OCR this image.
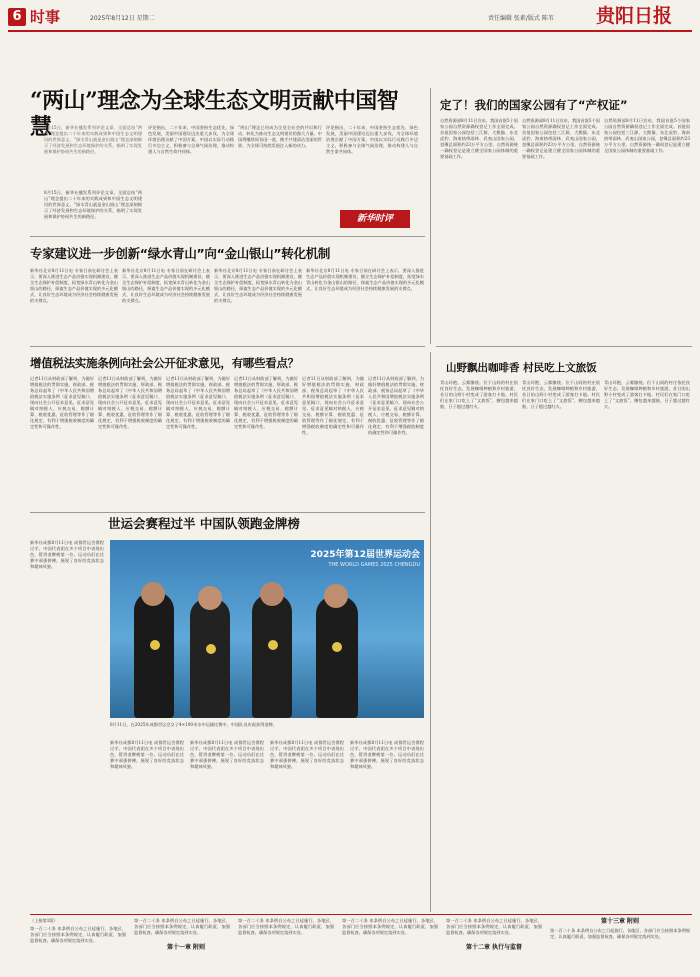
6 时事	2025年8月12日 星期二	责任编辑 张素/版式 陈苇 贵阳日报
“两山”理念为全球生态文明贡献中国智慧
8月15日，新华社播发系列评论文章，全面总结“两山”理念提出二十年来的实践成果和中国生态文明建设的世界意义。“绿水青山就是金山银山”理念深刻揭示了经济发展和生态环境保护的关系，指明了实现发展和保护协同共生的新路径。
评论指出，二十年来，中国坚持生态优先、绿色发展，美丽中国建设迈出重大步伐，为全球环境治理贡献了中国方案。中国以实际行动践行多边主义，积极参与全球气候治理，推动构建人与自然生命共同体。
“两山”理念已经成为全党全社会的共识和行动，转化为推动生态文明建设的强大力量。中国将继续同各国一道，携手共建清洁美丽的世界，为全球可持续发展注入新的动力。
评论指出，二十年来，中国坚持生态优先、绿色发展，美丽中国建设迈出重大步伐，为全球环境治理贡献了中国方案。中国以实际行动践行多边主义，积极参与全球气候治理，推动构建人与自然生命共同体。
新华时评
8月15日，新华社播发系列评论文章，全面总结“两山”理念提出二十年来的实践成果和中国生态文明建设的世界意义。“绿水青山就是金山银山”理念深刻揭示了经济发展和生态环境保护的关系，指明了实现发展和保护协同共生的新路径。
专家建议进一步创新“绿水青山”向“金山银山”转化机制
新华社北京8月11日电 专家日前在研讨会上表示，要深入推进生态产品价值实现机制建设，健全生态保护补偿制度，拓宽绿水青山转化为金山银山的路径，探索生态产品价值实现的多元化模式，让良好生态环境成为经济社会持续健康发展的支撑点。
新华社北京8月11日电 专家日前在研讨会上表示，要深入推进生态产品价值实现机制建设，健全生态保护补偿制度，拓宽绿水青山转化为金山银山的路径，探索生态产品价值实现的多元化模式，让良好生态环境成为经济社会持续健康发展的支撑点。
新华社北京8月11日电 专家日前在研讨会上表示，要深入推进生态产品价值实现机制建设，健全生态保护补偿制度，拓宽绿水青山转化为金山银山的路径，探索生态产品价值实现的多元化模式，让良好生态环境成为经济社会持续健康发展的支撑点。
新华社北京8月11日电 专家日前在研讨会上表示，要深入推进生态产品价值实现机制建设，健全生态保护补偿制度，拓宽绿水青山转化为金山银山的路径，探索生态产品价值实现的多元化模式，让良好生态环境成为经济社会持续健康发展的支撑点。
定了！我们的国家公园有了“产权证”
自然资源部8月11日宣布，我国首批5个国家公园自然资源确权登记工作全面完成。首批国家公园包括三江源、大熊猫、东北虎豹、海南热带雨林、武夷山国家公园，登簿总面积约23万平方公里。自然资源统一确权登记是建立健全国家公园体制的重要基础工作。
自然资源部8月11日宣布，我国首批5个国家公园自然资源确权登记工作全面完成。首批国家公园包括三江源、大熊猫、东北虎豹、海南热带雨林、武夷山国家公园，登簿总面积约23万平方公里。自然资源统一确权登记是建立健全国家公园体制的重要基础工作。
自然资源部8月11日宣布，我国首批5个国家公园自然资源确权登记工作全面完成。首批国家公园包括三江源、大熊猫、东北虎豹、海南热带雨林、武夷山国家公园，登簿总面积约23万平方公里。自然资源统一确权登记是建立健全国家公园体制的重要基础工作。
增值税法实施条例向社会公开征求意见，有哪些看点？
记者11日从财政部了解到，为做好增值税法的贯彻实施，财政部、税务总局起草了《中华人民共和国增值税法实施条例（征求意见稿）》，现向社会公开征求意见。征求意见稿对纳税人、应税交易、税额计算、税收优惠、征收管理等作了细化规定，有利于增强税收制度的确定性和可操作性。
记者11日从财政部了解到，为做好增值税法的贯彻实施，财政部、税务总局起草了《中华人民共和国增值税法实施条例（征求意见稿）》，现向社会公开征求意见。征求意见稿对纳税人、应税交易、税额计算、税收优惠、征收管理等作了细化规定，有利于增强税收制度的确定性和可操作性。
记者11日从财政部了解到，为做好增值税法的贯彻实施，财政部、税务总局起草了《中华人民共和国增值税法实施条例（征求意见稿）》，现向社会公开征求意见。征求意见稿对纳税人、应税交易、税额计算、税收优惠、征收管理等作了细化规定，有利于增强税收制度的确定性和可操作性。
记者11日从财政部了解到，为做好增值税法的贯彻实施，财政部、税务总局起草了《中华人民共和国增值税法实施条例（征求意见稿）》，现向社会公开征求意见。征求意见稿对纳税人、应税交易、税额计算、税收优惠、征收管理等作了细化规定，有利于增强税收制度的确定性和可操作性。
记者11日从财政部了解到，为做好增值税法的贯彻实施，财政部、税务总局起草了《中华人民共和国增值税法实施条例（征求意见稿）》，现向社会公开征求意见。征求意见稿对纳税人、应税交易、税额计算、税收优惠、征收管理等作了细化规定，有利于增强税收制度的确定性和可操作性。
记者11日从财政部了解到，为做好增值税法的贯彻实施，财政部、税务总局起草了《中华人民共和国增值税法实施条例（征求意见稿）》，现向社会公开征求意见。征求意见稿对纳税人、应税交易、税额计算、税收优惠、征收管理等作了细化规定，有利于增强税收制度的确定性和可操作性。
山野飘出咖啡香 村民吃上文旅饭
青山环抱，云雾缭绕。位于山间的村庄依托良好生态，发展咖啡种植和乡村旅游，昔日的山野小村变成了游客打卡地。村民们在家门口吃上了“文旅饭”，腰包越来越鼓，日子越过越红火。
青山环抱，云雾缭绕。位于山间的村庄依托良好生态，发展咖啡种植和乡村旅游，昔日的山野小村变成了游客打卡地。村民们在家门口吃上了“文旅饭”，腰包越来越鼓，日子越过越红火。
青山环抱，云雾缭绕。位于山间的村庄依托良好生态，发展咖啡种植和乡村旅游，昔日的山野小村变成了游客打卡地。村民们在家门口吃上了“文旅饭”，腰包越来越鼓，日子越过越红火。
世运会赛程过半 中国队领跑金牌榜
新华社成都8月11日电 成都世运会赛程过半，中国代表团在多个项目中表现出色，暂列金牌榜第一位。运动员们在比赛中顽强拼搏，展现了良好的竞技状态和精神风貌。
2025年第12届世界运动会
THE WORLD GAMES 2025 CHENGDU
8月11日，在2025年成都世运会女子4×100米水中运输比赛中，中国队员庆祝获得金牌。
新华社成都8月11日电 成都世运会赛程过半，中国代表团在多个项目中表现出色，暂列金牌榜第一位。运动员们在比赛中顽强拼搏，展现了良好的竞技状态和精神风貌。
新华社成都8月11日电 成都世运会赛程过半，中国代表团在多个项目中表现出色，暂列金牌榜第一位。运动员们在比赛中顽强拼搏，展现了良好的竞技状态和精神风貌。
新华社成都8月11日电 成都世运会赛程过半，中国代表团在多个项目中表现出色，暂列金牌榜第一位。运动员们在比赛中顽强拼搏，展现了良好的竞技状态和精神风貌。
新华社成都8月11日电 成都世运会赛程过半，中国代表团在多个项目中表现出色，暂列金牌榜第一位。运动员们在比赛中顽强拼搏，展现了良好的竞技状态和精神风貌。
（上接第1版）
第一百二十条 本条例自公布之日起施行。各地区、各部门应当按照本条例规定，认真履行职责，加强监督检查，确保各项规定落到实处。
第十一章 附则
第一百二十条 本条例自公布之日起施行。各地区、各部门应当按照本条例规定，认真履行职责，加强监督检查，确保各项规定落到实处。
第一百二十条 本条例自公布之日起施行。各地区、各部门应当按照本条例规定，认真履行职责，加强监督检查，确保各项规定落到实处。
第一百二十条 本条例自公布之日起施行。各地区、各部门应当按照本条例规定，认真履行职责，加强监督检查，确保各项规定落到实处。
第十二章 执行与监督
第一百二十条 本条例自公布之日起施行。各地区、各部门应当按照本条例规定，认真履行职责，加强监督检查，确保各项规定落到实处。
第十三章 附则
第一百二十条 本条例自公布之日起施行。各地区、各部门应当按照本条例规定，认真履行职责，加强监督检查，确保各项规定落到实处。
